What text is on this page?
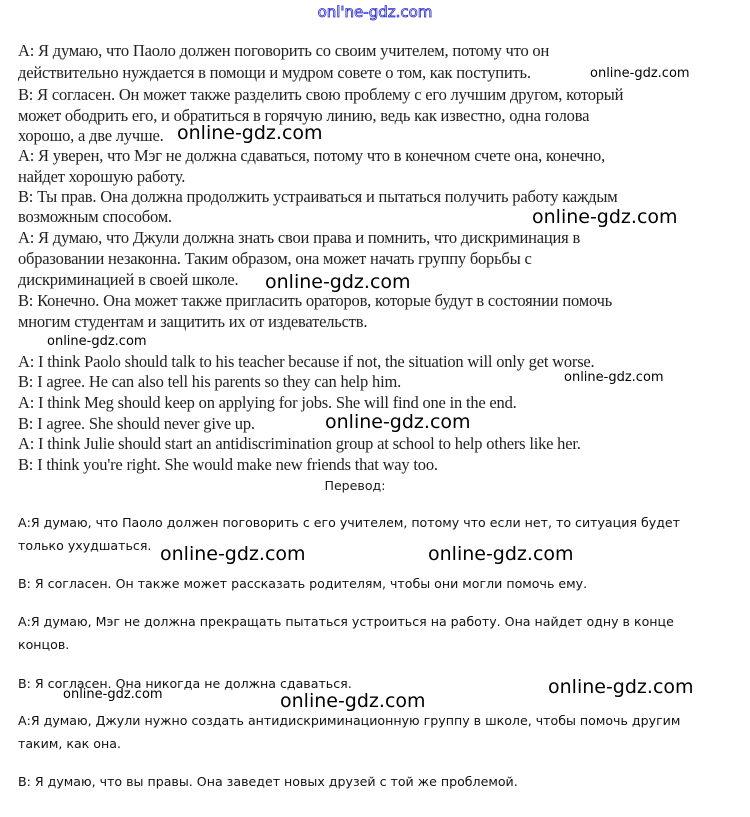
onl'ne-gdz.com
A: Я думаю, что Паоло должен поговорить со своим учителем, потому что он
действительно нуждается в помощи и мудром совете о том, как поступить.
B: Я согласен. Он может также разделить свою проблему с его лучшим другом, который
может ободрить его, и обратиться в горячую линию, ведь как известно, одна голова
хорошо, а две лучше.
A: Я уверен, что Мэг не должна сдаваться, потому что в конечном счете она, конечно,
найдет хорошую работу.
B: Ты прав. Она должна продолжить устраиваться и пытаться получить работу каждым
возможным способом.
A: Я думаю, что Джули должна знать свои права и помнить, что дискриминация в
образовании незаконна. Таким образом, она может начать группу борьбы с
дискриминацией в своей школе.
B: Конечно. Она может также пригласить ораторов, которые будут в состоянии помочь
многим студентам и защитить их от издевательств.
A: I think Paolo should talk to his teacher because if not, the situation will only get worse.
B: I agree. He can also tell his parents so they can help him.
A: I think Meg should keep on applying for jobs. She will find one in the end.
B: I agree. She should never give up.
A: I think Julie should start an antidiscrimination group at school to help others like her.
B: I think you're right. She would make new friends that way too.
Перевод:
А:Я думаю, что Паоло должен поговорить с его учителем, потому что если нет, то ситуация будет
только ухудшаться.
В: Я согласен. Он также может рассказать родителям, чтобы они могли помочь ему.
А:Я думаю, Мэг не должна прекращать пытаться устроиться на работу. Она найдет одну в конце
концов.
В: Я согласен. Она никогда не должна сдаваться.
А:Я думаю, Джули нужно создать антидискриминационную группу в школе, чтобы помочь другим
таким, как она.
В: Я думаю, что вы правы. Она заведет новых друзей с той же проблемой.
online-gdz.com
online-gdz.com
online-gdz.com
online-gdz.com
online-gdz.com
online-gdz.com
online-gdz.com
online-gdz.com	online-gdz.com
online-gdz.com
online-gdz.com	online-gdz.com
